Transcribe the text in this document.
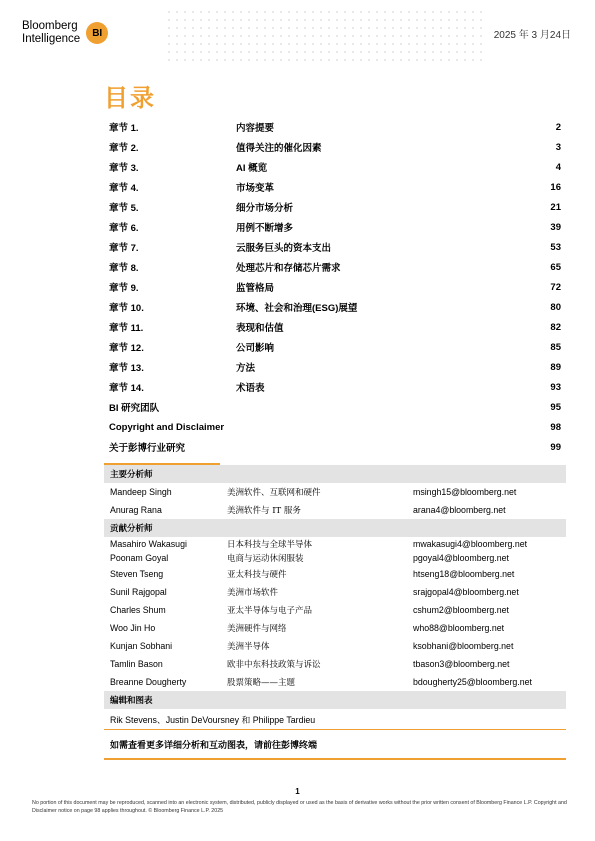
Bloomberg
Intelligence	BI	2025 年 3 月24日
目录
章节 1.	内容提要	2
章节 2.	值得关注的催化因素	3
章节 3.	AI 概览	4
章节 4.	市场变革	16
章节 5.	细分市场分析	21
章节 6.	用例不断增多	39
章节 7.	云服务巨头的资本支出	53
章节 8.	处理芯片和存储芯片需求	65
章节 9.	监管格局	72
章节 10.	环境、社会和治理(ESG)展望	80
章节 11.	表现和估值	82
章节 12.	公司影响	85
章节 13.	方法	89
章节 14.	术语表	93
BI 研究团队	95
Copyright and Disclaimer	98
关于彭博行业研究	99
主要分析师
Mandeep Singh	美洲软件、互联网和硬件	msingh15@bloomberg.net
Anurag Rana	美洲软件与 IT 服务	arana4@bloomberg.net
贡献分析师
Masahiro Wakasugi	日本科技与全球半导体	mwakasugi4@bloomberg.net
Poonam Goyal	电商与运动休闲服装	pgoyal4@bloomberg.net
Steven Tseng	亚太科技与硬件	htseng18@bloomberg.net
Sunil Rajgopal	美洲市场软件	srajgopal4@bloomberg.net
Charles Shum	亚太半导体与电子产品	cshum2@bloomberg.net
Woo Jin Ho	美洲硬件与网络	who88@bloomberg.net
Kunjan Sobhani	美洲半导体	ksobhani@bloomberg.net
Tamlin Bason	欧非中东科技政策与诉讼	tbason3@bloomberg.net
Breanne Dougherty	股票策略——主题	bdougherty25@bloomberg.net
编辑和图表
Rik Stevens、Justin DeVoursney 和 Philippe Tardieu
如需查看更多详细分析和互动图表，请前往彭博终端
1
No portion of this document may be reproduced, scanned into an electronic system, distributed, publicly displayed or used as the basis of derivative works without the prior written consent of Bloomberg Finance L.P. Copyright and Disclaimer notice on page 98 applies throughout. © Bloomberg Finance L.P. 2025
